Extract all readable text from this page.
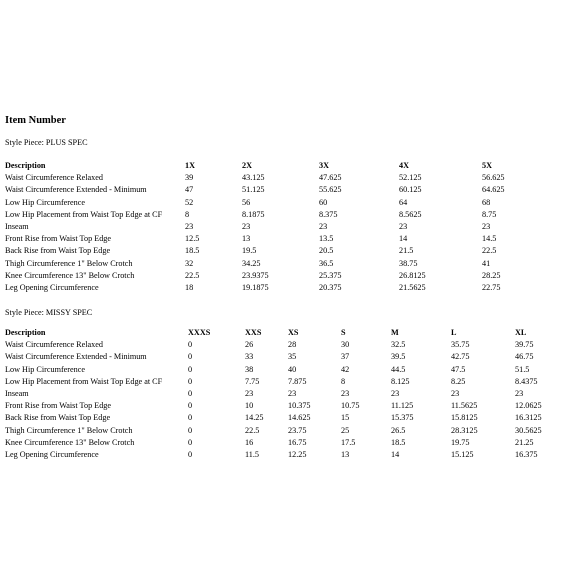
Item Number
Style Piece: PLUS SPEC
Description	1X	2X	3X	4X	5X
Waist Circumference Relaxed	39	43.125	47.625	52.125	56.625
Waist Circumference Extended - Minimum	47	51.125	55.625	60.125	64.625
Low Hip Circumference	52	56	60	64	68
Low Hip Placement from Waist Top Edge at CF	8	8.1875	8.375	8.5625	8.75
Inseam	23	23	23	23	23
Front Rise from Waist Top Edge	12.5	13	13.5	14	14.5
Back Rise from Waist Top Edge	18.5	19.5	20.5	21.5	22.5
Thigh Circumference 1" Below Crotch	32	34.25	36.5	38.75	41
Knee Circumference 13" Below Crotch	22.5	23.9375	25.375	26.8125	28.25
Leg Opening Circumference	18	19.1875	20.375	21.5625	22.75
Style Piece: MISSY SPEC
Description	XXXS	XXS	XS	S	M	L	XL
Waist Circumference Relaxed	0	26	28	30	32.5	35.75	39.75
Waist Circumference Extended - Minimum	0	33	35	37	39.5	42.75	46.75
Low Hip Circumference	0	38	40	42	44.5	47.5	51.5
Low Hip Placement from Waist Top Edge at CF	0	7.75	7.875	8	8.125	8.25	8.4375
Inseam	0	23	23	23	23	23	23
Front Rise from Waist Top Edge	0	10	10.375	10.75	11.125	11.5625	12.0625
Back Rise from Waist Top Edge	0	14.25	14.625	15	15.375	15.8125	16.3125
Thigh Circumference 1" Below Crotch	0	22.5	23.75	25	26.5	28.3125	30.5625
Knee Circumference 13" Below Crotch	0	16	16.75	17.5	18.5	19.75	21.25
Leg Opening Circumference	0	11.5	12.25	13	14	15.125	16.375
